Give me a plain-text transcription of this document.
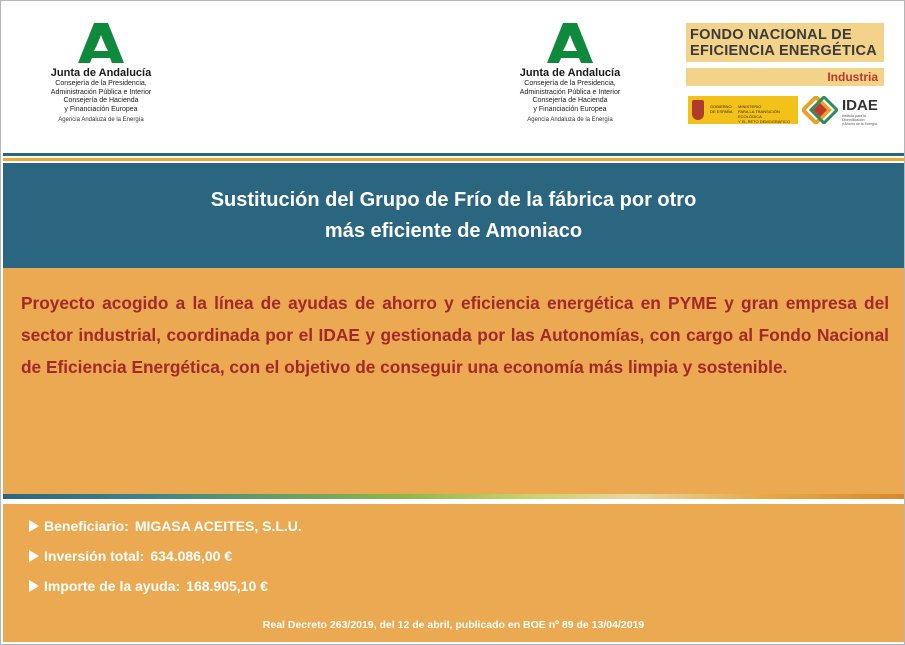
Junta de Andalucía
Consejería de la Presidencia,
Administración Pública e Interior
Consejería de Hacienda
y Financiación Europea
Agencia Andaluza de la Energía
Junta de Andalucía
Consejería de la Presidencia,
Administración Pública e Interior
Consejería de Hacienda
y Financiación Europea
Agencia Andaluza de la Energía
FONDO NACIONAL DE
EFICIENCIA ENERGÉTICA
Industria
GOBIERNO
DE ESPAÑA
MINISTERIO
PARA LA TRANSICIÓN ECOLÓGICA
Y EL RETO DEMOGRÁFICO
IDAE
Instituto para la Diversificación
y Ahorro de la Energía
Sustitución del Grupo de Frío de la fábrica por otro
más eficiente de Amoniaco

Proyecto acogido a la línea de ayudas de ahorro y eficiencia energética en PYME y gran empresa del sector industrial, coordinada por el IDAE y gestionada por las Autonomías, con cargo al Fondo Nacional de Eficiencia Energética, con el objetivo de conseguir una economía más limpia y sostenible.

Beneficiario: MIGASA ACEITES, S.L.U.
Inversión total: 634.086,00 €
Importe de la ayuda: 168.905,10 €
Real Decreto 263/2019, del 12 de abril, publicado en BOE nº 89 de 13/04/2019
